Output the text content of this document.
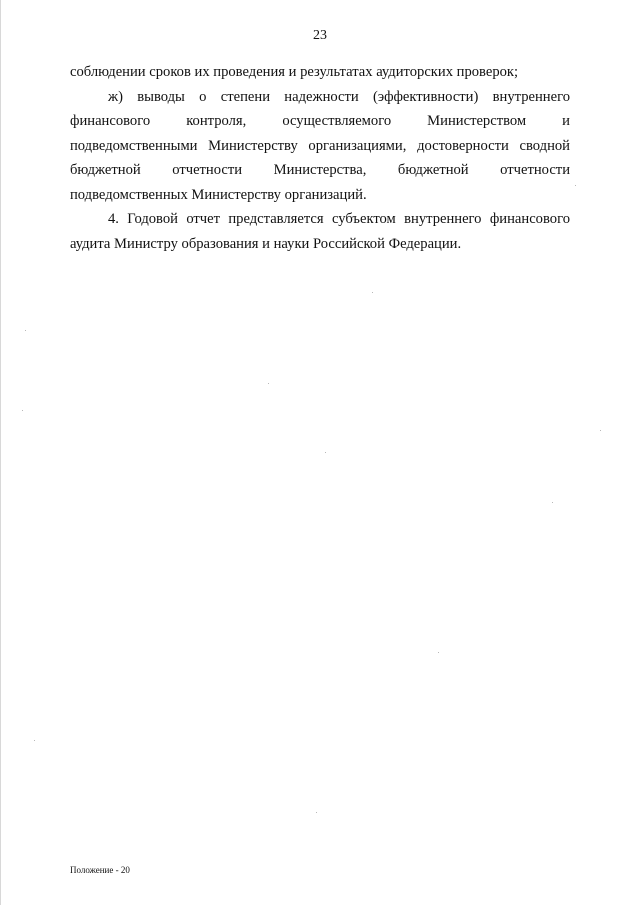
23

соблюдении сроков их проведения и результатах аудиторских проверок;

ж) выводы о степени надежности (эффективности) внутреннего финансового контроля, осуществляемого Министерством и подведомственными Министерству организациями, достоверности сводной бюджетной отчетности Министерства, бюджетной отчетности подведомственных Министерству организаций.

4. Годовой отчет представляется субъектом внутреннего финансового аудита Министру образования и науки Российской Федерации.

Положение - 20
